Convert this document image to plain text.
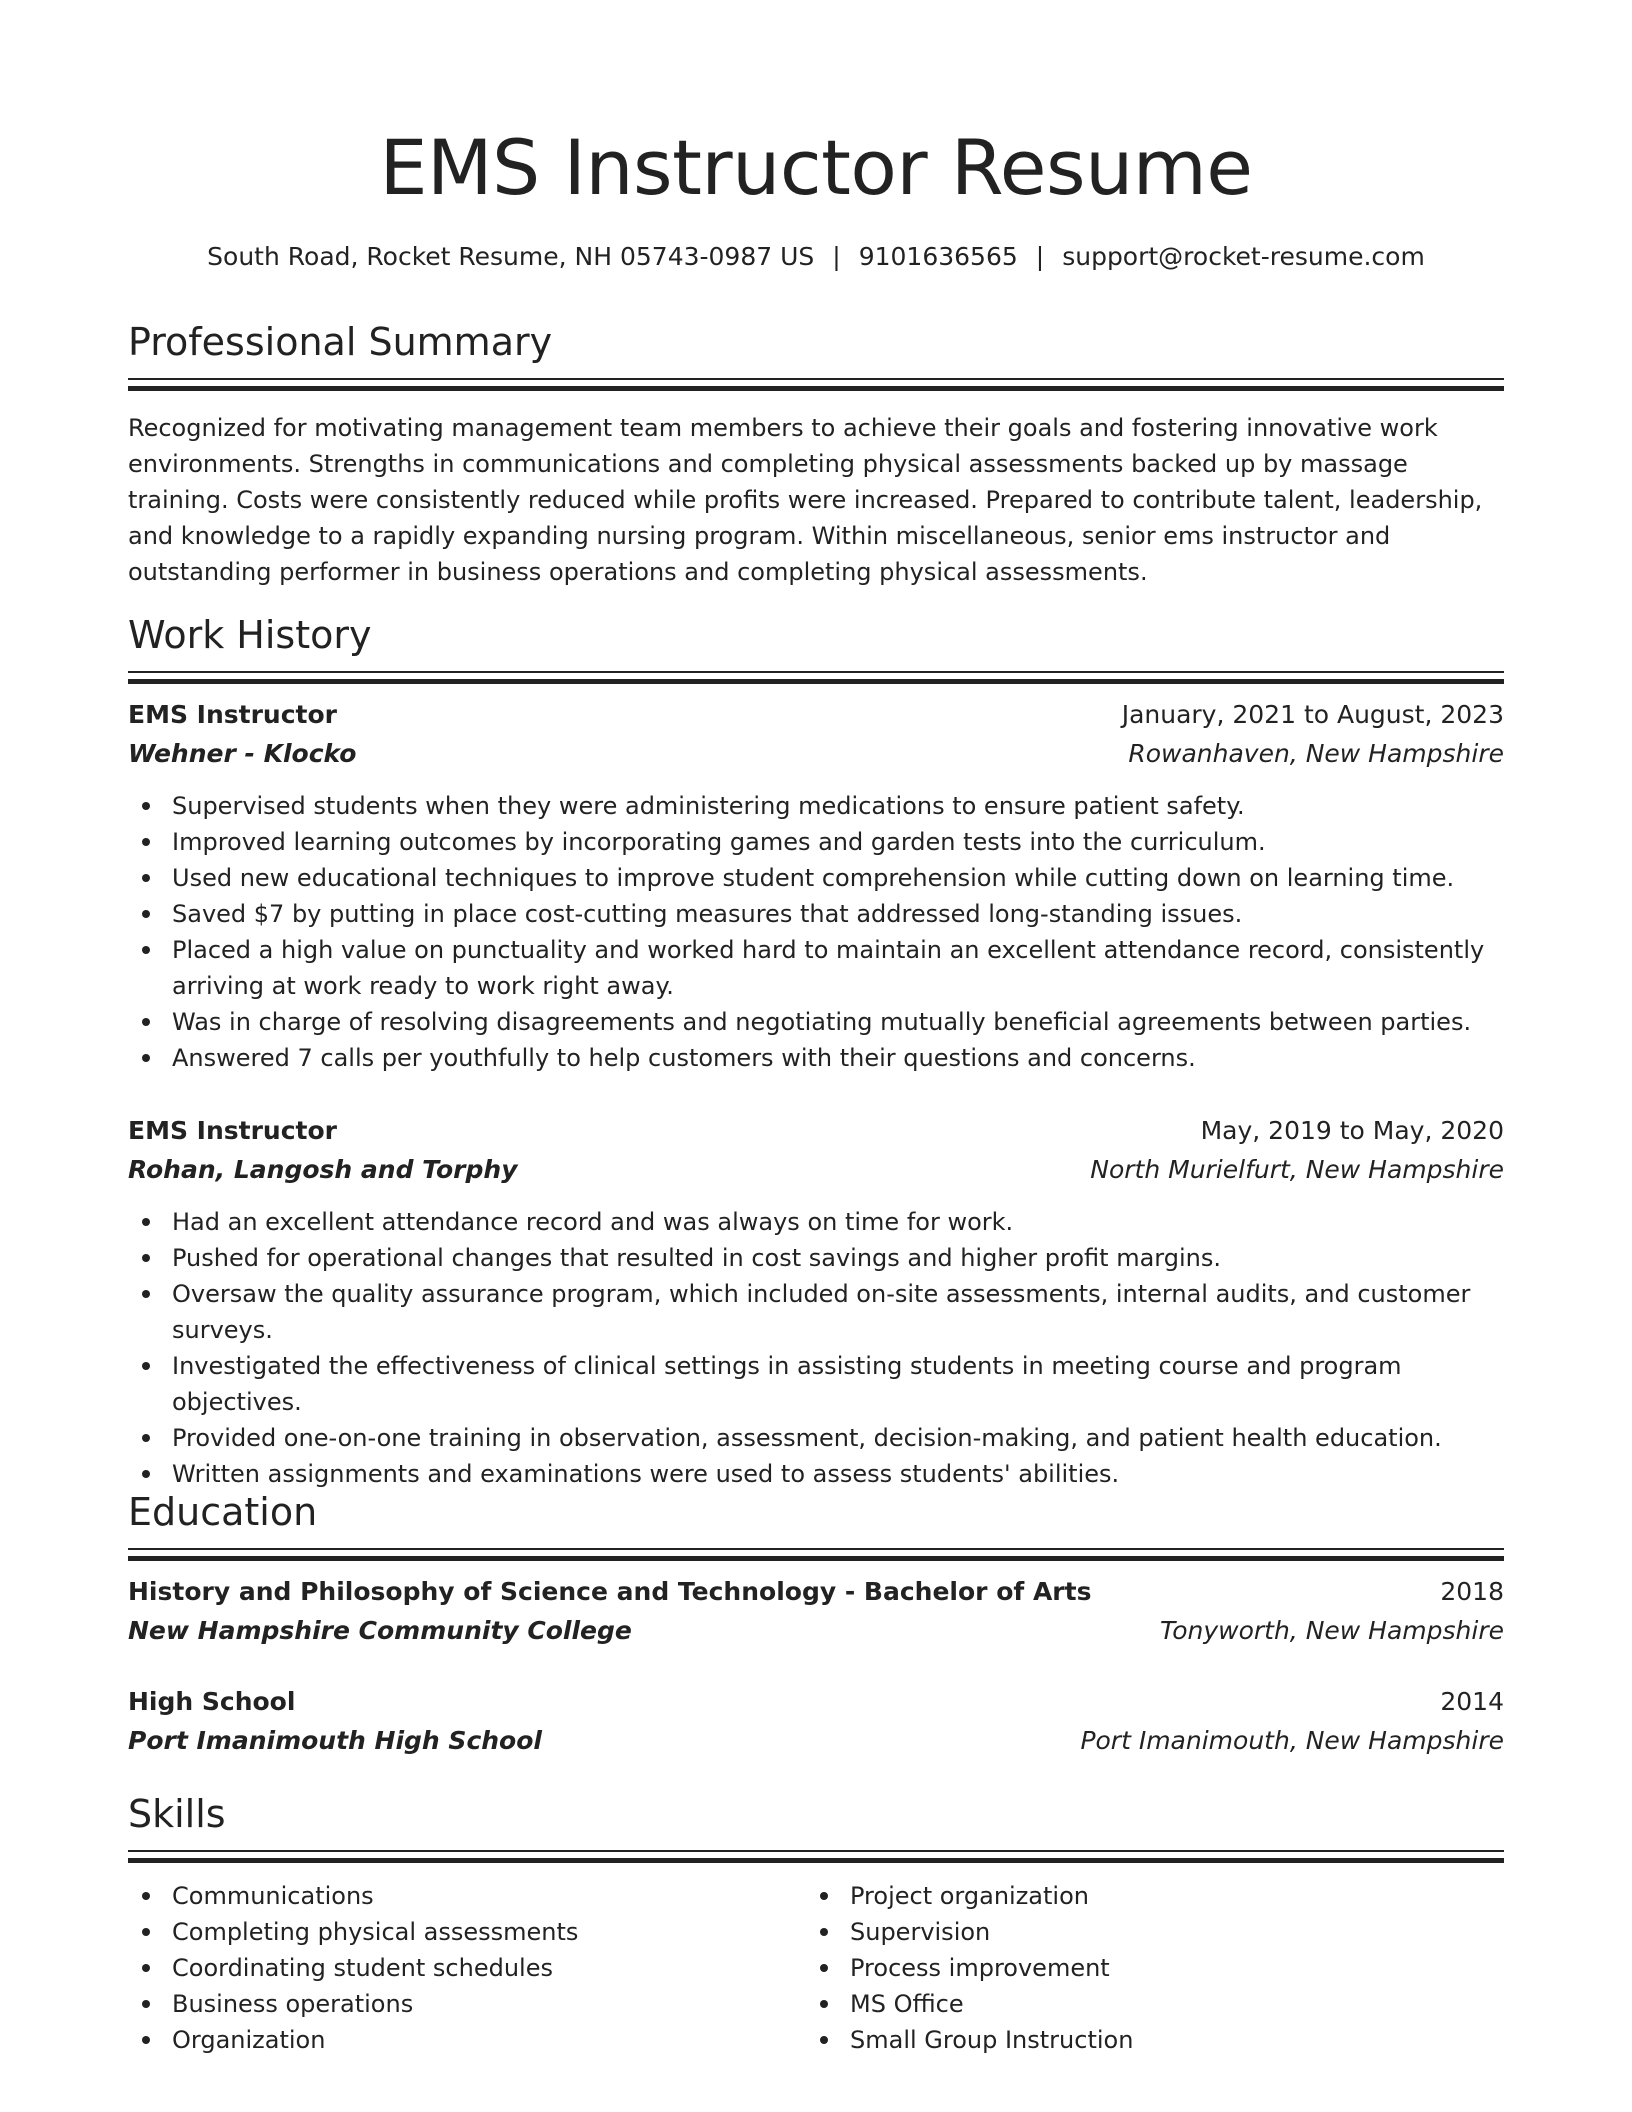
EMS Instructor Resume
South Road, Rocket Resume, NH 05743-0987 US | 9101636565 | support@rocket-resume.com
Professional Summary

Recognized for motivating management team members to achieve their goals and fostering innovative work environments. Strengths in communications and completing physical assessments backed up by massage training. Costs were consistently reduced while profits were increased. Prepared to contribute talent, leadership, and knowledge to a rapidly expanding nursing program. Within miscellaneous, senior ems instructor and outstanding performer in business operations and completing physical assessments.

Work History
EMS Instructor	January, 2021 to August, 2023
Wehner - Klocko	Rowanhaven, New Hampshire
Supervised students when they were administering medications to ensure patient safety.
Improved learning outcomes by incorporating games and garden tests into the curriculum.
Used new educational techniques to improve student comprehension while cutting down on learning time.
Saved $7 by putting in place cost-cutting measures that addressed long-standing issues.
Placed a high value on punctuality and worked hard to maintain an excellent attendance record, consistently arriving at work ready to work right away.
Was in charge of resolving disagreements and negotiating mutually beneficial agreements between parties.
Answered 7 calls per youthfully to help customers with their questions and concerns.
EMS Instructor	May, 2019 to May, 2020
Rohan, Langosh and Torphy	North Murielfurt, New Hampshire
Had an excellent attendance record and was always on time for work.
Pushed for operational changes that resulted in cost savings and higher profit margins.
Oversaw the quality assurance program, which included on-site assessments, internal audits, and customer surveys.
Investigated the effectiveness of clinical settings in assisting students in meeting course and program objectives.
Provided one-on-one training in observation, assessment, decision-making, and patient health education.
Written assignments and examinations were used to assess students' abilities.
Education
History and Philosophy of Science and Technology - Bachelor of Arts	2018
New Hampshire Community College	Tonyworth, New Hampshire
High School	2014
Port Imanimouth High School	Port Imanimouth, New Hampshire
Skills
Communications
Completing physical assessments
Coordinating student schedules
Business operations
Organization
Project organization
Supervision
Process improvement
MS Office
Small Group Instruction
